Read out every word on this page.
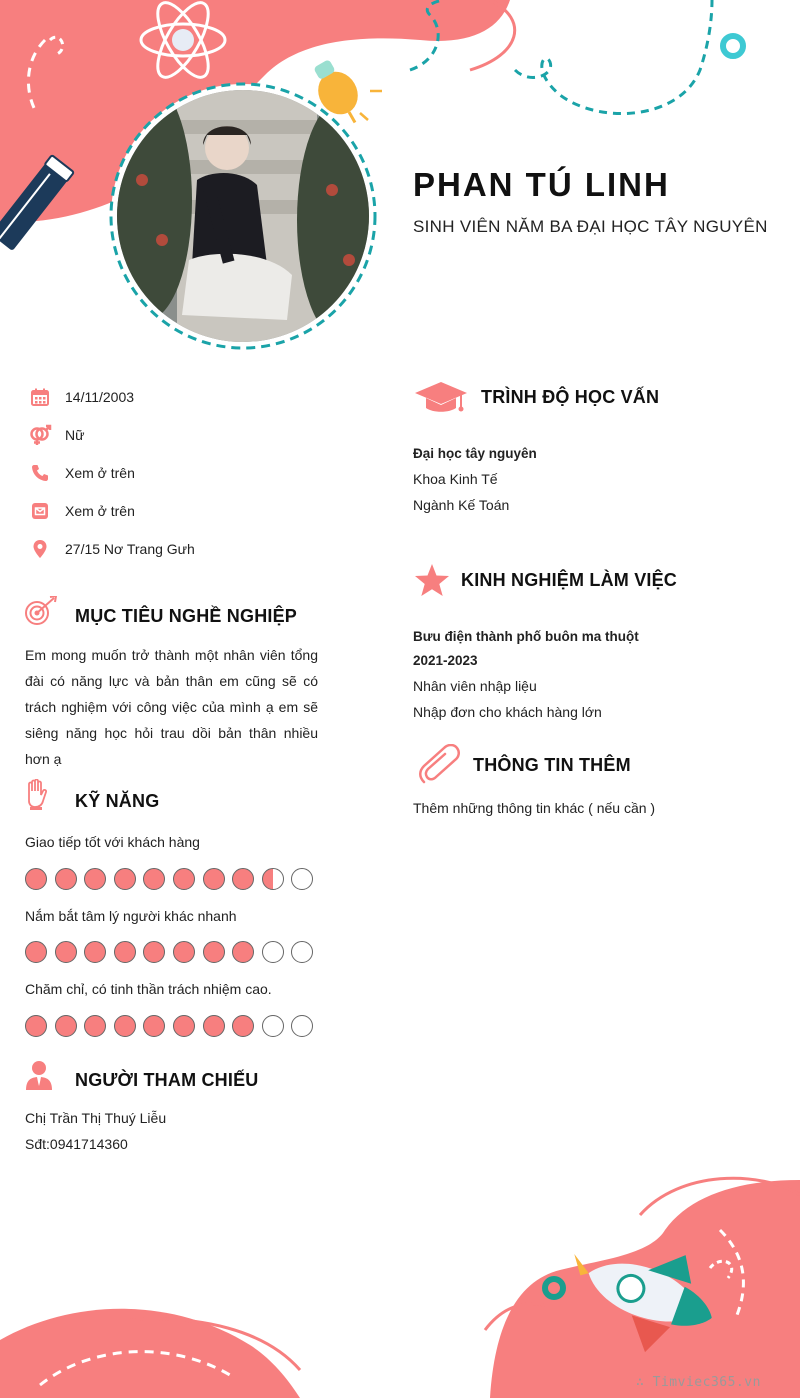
PHAN TÚ LINH
SINH VIÊN NĂM BA ĐẠI HỌC TÂY NGUYÊN
14/11/2003
Nữ
Xem ở trên
Xem ở trên
27/15 Nơ Trang Gưh
MỤC TIÊU NGHỀ NGHIỆP
Em mong muốn trở thành một nhân viên tổng đài có năng lực và bản thân em cũng sẽ có trách nghiệm với công việc của mình ạ em sẽ siêng năng học hỏi trau dồi bản thân nhiều hơn ạ
KỸ NĂNG
Giao tiếp tốt với khách hàng
Nắm bắt tâm lý người khác nhanh
Chăm chỉ, có tinh thần trách nhiệm cao.
NGƯỜI THAM CHIẾU
Chị Trần Thị Thuý Liễu
Sđt:0941714360
TRÌNH ĐỘ HỌC VẤN
Đại học tây nguyên
Khoa Kinh Tế
Ngành Kế Toán
KINH NGHIỆM LÀM VIỆC
Bưu điện thành phố buôn ma thuột
2021-2023
Nhân viên nhập liệu
Nhập đơn cho khách hàng lớn
THÔNG TIN THÊM
Thêm những thông tin khác ( nếu cần )
∴ Timviec365.vn
